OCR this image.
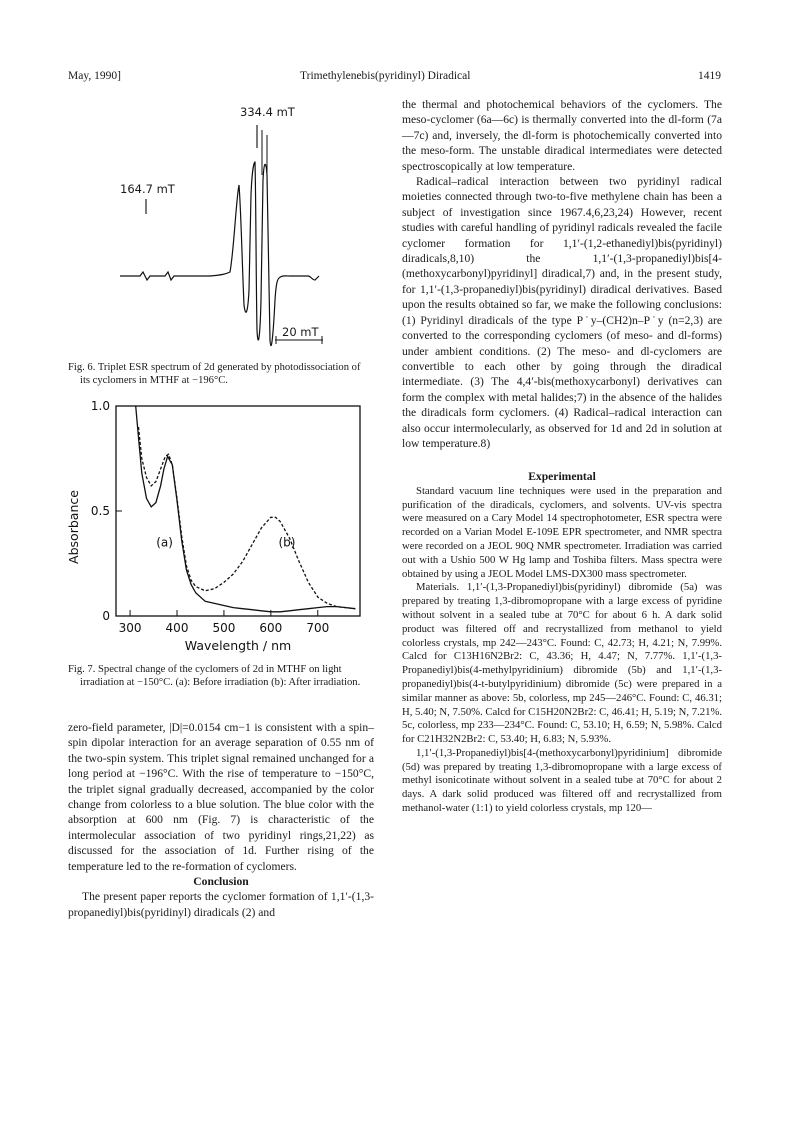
May, 1990]	Trimethylenebis(pyridinyl) Diradical	1419
334.4 mT
164.7 mT
20 mT
Fig. 6. Triplet ESR spectrum of 2d generated by photodissociation of its cyclomers in MTHF at −196°C.
300 400 500 600 700
0
0.5
1.0
Wavelength / nm
Absorbance	(a)	(b)
Fig. 7. Spectral change of the cyclomers of 2d in MTHF on light irradiation at −150°C. (a): Before irradiation (b): After irradiation.

zero-field parameter, |D|=0.0154 cm−1 is consistent with a spin–spin dipolar interaction for an average separation of 0.55 nm of the two-spin system. This triplet signal remained unchanged for a long period at −196°C. With the rise of temperature to −150°C, the triplet signal gradually decreased, accompanied by the color change from colorless to a blue solution. The blue color with the absorption at 600 nm (Fig. 7) is characteristic of the intermolecular association of two pyridinyl rings,21,22) as discussed for the association of 1d. Further rising of the temperature led to the re-formation of cyclomers.

Conclusion

The present paper reports the cyclomer formation of 1,1′-(1,3-propanediyl)bis(pyridinyl) diradicals (2) and

the thermal and photochemical behaviors of the cyclomers. The meso-cyclomer (6a—6c) is thermally converted into the dl-form (7a—7c) and, inversely, the dl-form is photochemically converted into the meso-form. The unstable diradical intermediates were detected spectroscopically at low temperature.

Radical–radical interaction between two pyridinyl radical moieties connected through two-to-five methylene chain has been a subject of investigation since 1967.4,6,23,24) However, recent studies with careful handling of pyridinyl radicals revealed the facile cyclomer formation for 1,1′-(1,2-ethanediyl)bis(pyridinyl) diradicals,8,10) the 1,1′-(1,3-propanediyl)bis[4-(methoxycarbonyl)pyridinyl] diradical,7) and, in the present study, for 1,1′-(1,3-propanediyl)bis(pyridinyl) diradical derivatives. Based upon the results obtained so far, we make the following conclusions: (1) Pyridinyl diradicals of the type P˙y–(CH2)n–P˙y (n=2,3) are converted to the corresponding cyclomers (of meso- and dl-forms) under ambient conditions. (2) The meso- and dl-cyclomers are convertible to each other by going through the diradical intermediate. (3) The 4,4′-bis(methoxycarbonyl) derivatives can form the complex with metal halides;7) in the absence of the halides the diradicals form cyclomers. (4) Radical–radical interaction can also occur intermolecularly, as observed for 1d and 2d in solution at low temperature.8)

Experimental

Standard vacuum line techniques were used in the preparation and purification of the diradicals, cyclomers, and solvents. UV-vis spectra were measured on a Cary Model 14 spectrophotometer, ESR spectra were recorded on a Varian Model E-109E EPR spectrometer, and NMR spectra were recorded on a JEOL 90Q NMR spectrometer. Irradiation was carried out with a Ushio 500 W Hg lamp and Toshiba filters. Mass spectra were obtained by using a JEOL Model LMS-DX300 mass spectrometer.

Materials. 1,1′-(1,3-Propanediyl)bis(pyridinyl) dibromide (5a) was prepared by treating 1,3-dibromopropane with a large excess of pyridine without solvent in a sealed tube at 70°C for about 6 h. A dark solid product was filtered off and recrystallized from methanol to yield colorless crystals, mp 242—243°C. Found: C, 42.73; H, 4.21; N, 7.99%. Calcd for C13H16N2Br2: C, 43.36; H, 4.47; N, 7.77%. 1,1′-(1,3-Propanediyl)bis(4-methylpyridinium) dibromide (5b) and 1,1′-(1,3-propanediyl)bis(4-t-butylpyridinium) dibromide (5c) were prepared in a similar manner as above: 5b, colorless, mp 245—246°C. Found: C, 46.31; H, 5.40; N, 7.50%. Calcd for C15H20N2Br2: C, 46.41; H, 5.19; N, 7.21%. 5c, colorless, mp 233—234°C. Found: C, 53.10; H, 6.59; N, 5.98%. Calcd for C21H32N2Br2: C, 53.40; H, 6.83; N, 5.93%.

1,1′-(1,3-Propanediyl)bis[4-(methoxycarbonyl)pyridinium] dibromide (5d) was prepared by treating 1,3-dibromopropane with a large excess of methyl isonicotinate without solvent in a sealed tube at 70°C for about 2 days. A dark solid produced was filtered off and recrystallized from methanol-water (1:1) to yield colorless crystals, mp 120—
